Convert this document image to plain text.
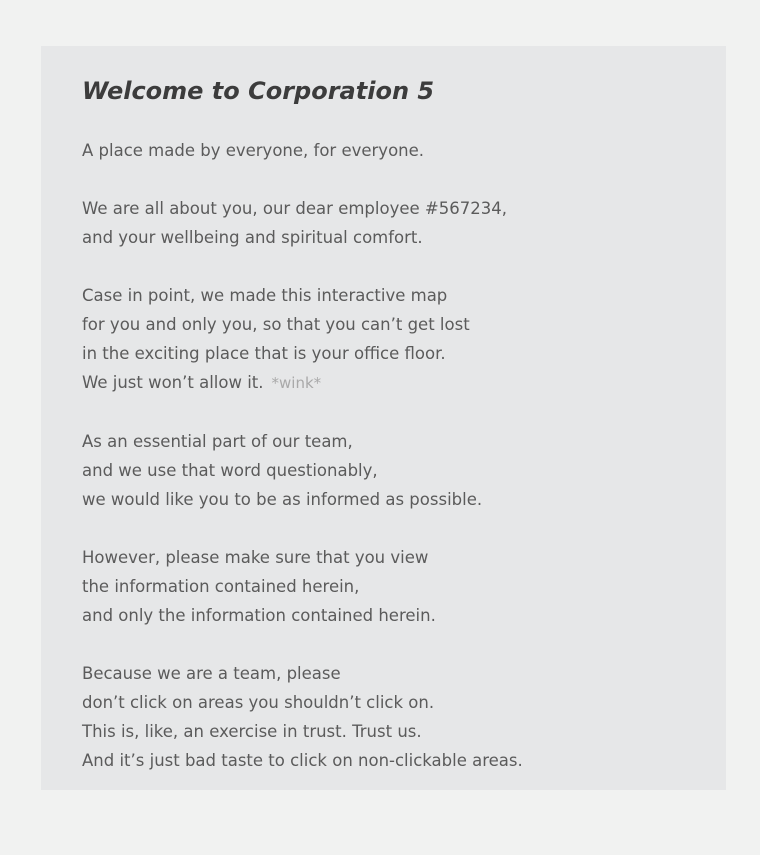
Welcome to Corporation 5

A place made by everyone, for everyone.

We are all about you, our dear employee #567234,
and your wellbeing and spiritual comfort.

Case in point, we made this interactive map
for you and only you, so that you can’t get lost
in the exciting place that is your office floor.
We just won’t allow it. *wink*

As an essential part of our team,
and we use that word questionably,
we would like you to be as informed as possible.

However, please make sure that you view
the information contained herein,
and only the information contained herein.

Because we are a team, please
don’t click on areas you shouldn’t click on.
This is, like, an exercise in trust. Trust us.
And it’s just bad taste to click on non-clickable areas.
